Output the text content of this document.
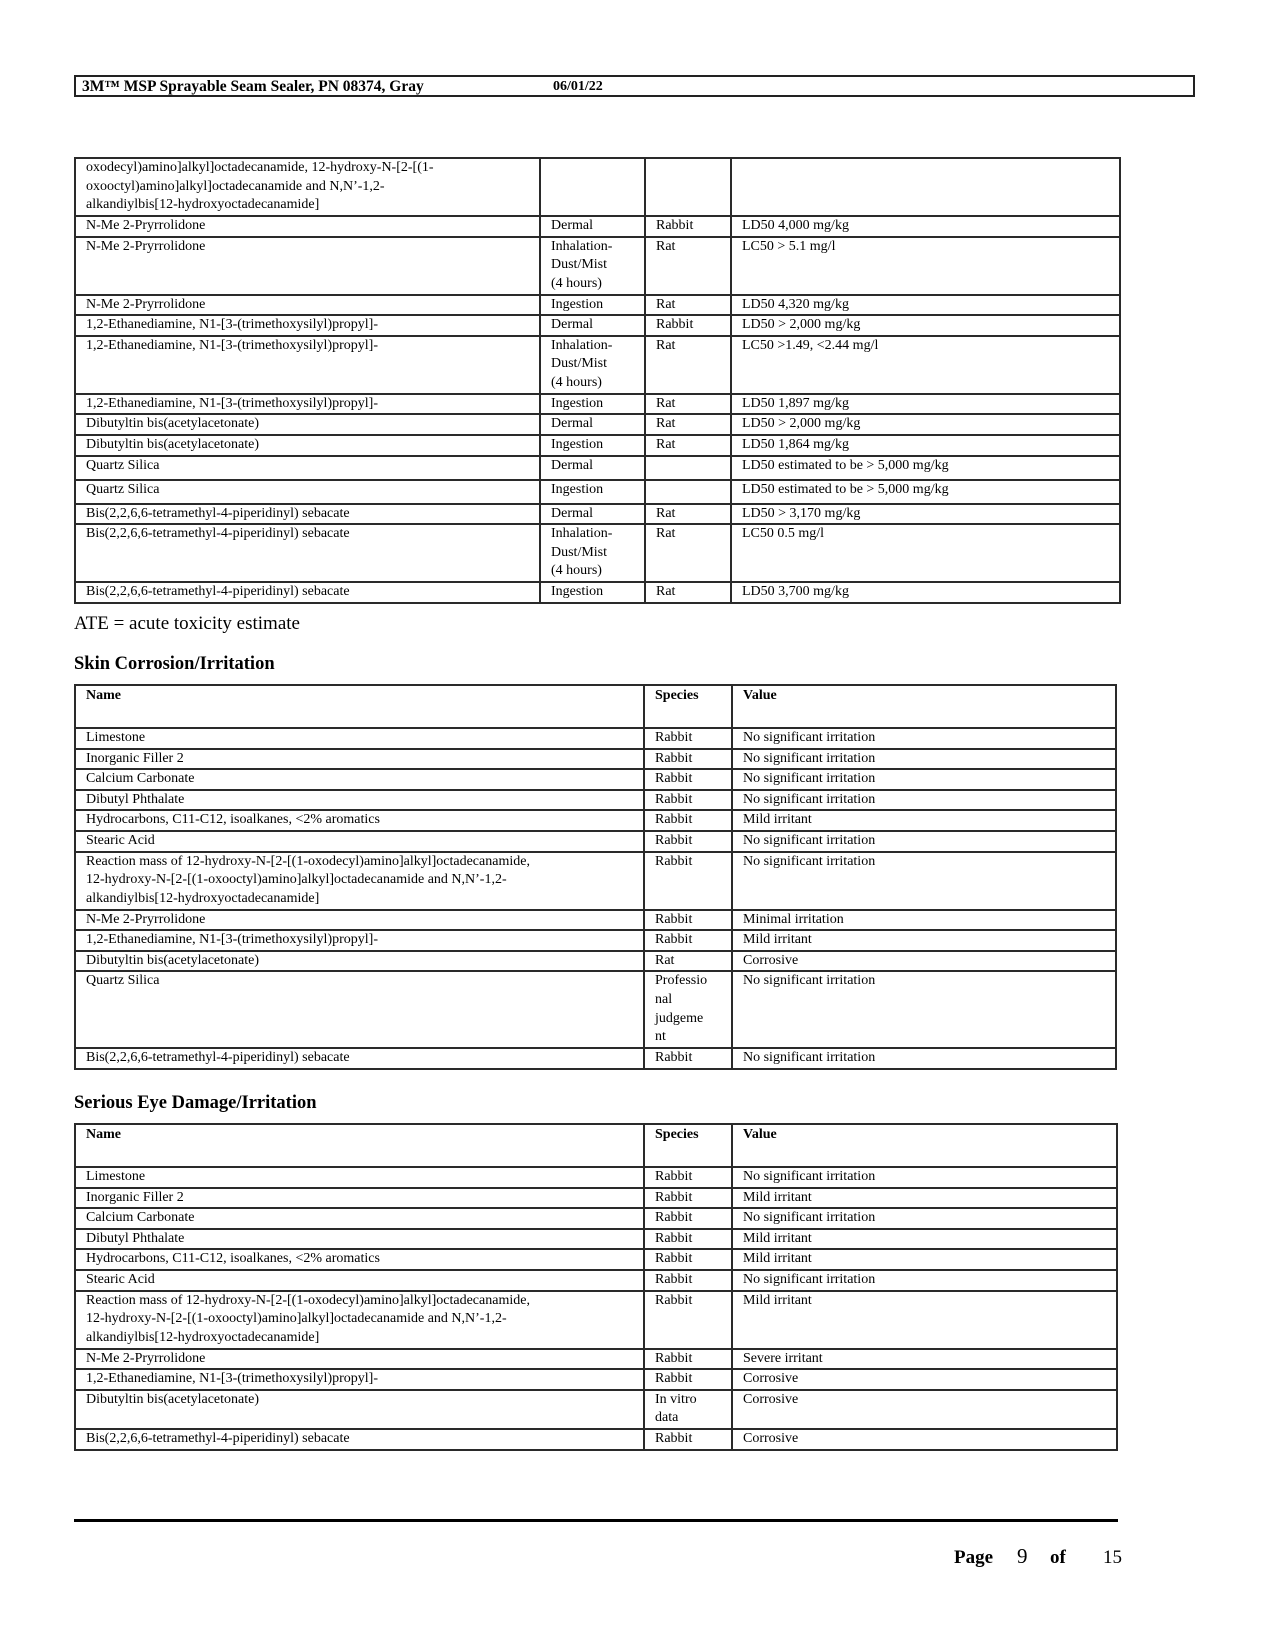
3M™ MSP Sprayable Seam Sealer, PN 08374, Gray	06/01/22
oxodecyl)amino]alkyl]octadecanamide, 12-hydroxy-N-[2-[(1-
oxooctyl)amino]alkyl]octadecanamide and N,N’-1,2-
alkandiylbis[12-hydroxyoctadecanamide]			
N-Me 2-Pryrrolidone	Dermal	Rabbit	LD50 4,000 mg/kg
N-Me 2-Pryrrolidone	Inhalation-
Dust/Mist
(4 hours)	Rat	LC50 > 5.1 mg/l
N-Me 2-Pryrrolidone	Ingestion	Rat	LD50 4,320 mg/kg
1,2-Ethanediamine, N1-[3-(trimethoxysilyl)propyl]-	Dermal	Rabbit	LD50 > 2,000 mg/kg
1,2-Ethanediamine, N1-[3-(trimethoxysilyl)propyl]-	Inhalation-
Dust/Mist
(4 hours)	Rat	LC50 >1.49, <2.44 mg/l
1,2-Ethanediamine, N1-[3-(trimethoxysilyl)propyl]-	Ingestion	Rat	LD50 1,897 mg/kg
Dibutyltin bis(acetylacetonate)	Dermal	Rat	LD50 > 2,000 mg/kg
Dibutyltin bis(acetylacetonate)	Ingestion	Rat	LD50 1,864 mg/kg
Quartz Silica	Dermal		LD50 estimated to be > 5,000 mg/kg
Quartz Silica	Ingestion		LD50 estimated to be > 5,000 mg/kg
Bis(2,2,6,6-tetramethyl-4-piperidinyl) sebacate	Dermal	Rat	LD50 > 3,170 mg/kg
Bis(2,2,6,6-tetramethyl-4-piperidinyl) sebacate	Inhalation-
Dust/Mist
(4 hours)	Rat	LC50 0.5 mg/l
Bis(2,2,6,6-tetramethyl-4-piperidinyl) sebacate	Ingestion	Rat	LD50 3,700 mg/kg
ATE = acute toxicity estimate
Skin Corrosion/Irritation
Name	Species	Value
Limestone	Rabbit	No significant irritation
Inorganic Filler 2	Rabbit	No significant irritation
Calcium Carbonate	Rabbit	No significant irritation
Dibutyl Phthalate	Rabbit	No significant irritation
Hydrocarbons, C11-C12, isoalkanes, <2% aromatics	Rabbit	Mild irritant
Stearic Acid	Rabbit	No significant irritation
Reaction mass of 12-hydroxy-N-[2-[(1-oxodecyl)amino]alkyl]octadecanamide,
12-hydroxy-N-[2-[(1-oxooctyl)amino]alkyl]octadecanamide and N,N’-1,2-
alkandiylbis[12-hydroxyoctadecanamide]	Rabbit	No significant irritation
N-Me 2-Pryrrolidone	Rabbit	Minimal irritation
1,2-Ethanediamine, N1-[3-(trimethoxysilyl)propyl]-	Rabbit	Mild irritant
Dibutyltin bis(acetylacetonate)	Rat	Corrosive
Quartz Silica	Professio
nal
judgeme
nt	No significant irritation
Bis(2,2,6,6-tetramethyl-4-piperidinyl) sebacate	Rabbit	No significant irritation
Serious Eye Damage/Irritation
Name	Species	Value
Limestone	Rabbit	No significant irritation
Inorganic Filler 2	Rabbit	Mild irritant
Calcium Carbonate	Rabbit	No significant irritation
Dibutyl Phthalate	Rabbit	Mild irritant
Hydrocarbons, C11-C12, isoalkanes, <2% aromatics	Rabbit	Mild irritant
Stearic Acid	Rabbit	No significant irritation
Reaction mass of 12-hydroxy-N-[2-[(1-oxodecyl)amino]alkyl]octadecanamide,
12-hydroxy-N-[2-[(1-oxooctyl)amino]alkyl]octadecanamide and N,N’-1,2-
alkandiylbis[12-hydroxyoctadecanamide]	Rabbit	Mild irritant
N-Me 2-Pryrrolidone	Rabbit	Severe irritant
1,2-Ethanediamine, N1-[3-(trimethoxysilyl)propyl]-	Rabbit	Corrosive
Dibutyltin bis(acetylacetonate)	In vitro
data	Corrosive
Bis(2,2,6,6-tetramethyl-4-piperidinyl) sebacate	Rabbit	Corrosive
Page 9 of 15
